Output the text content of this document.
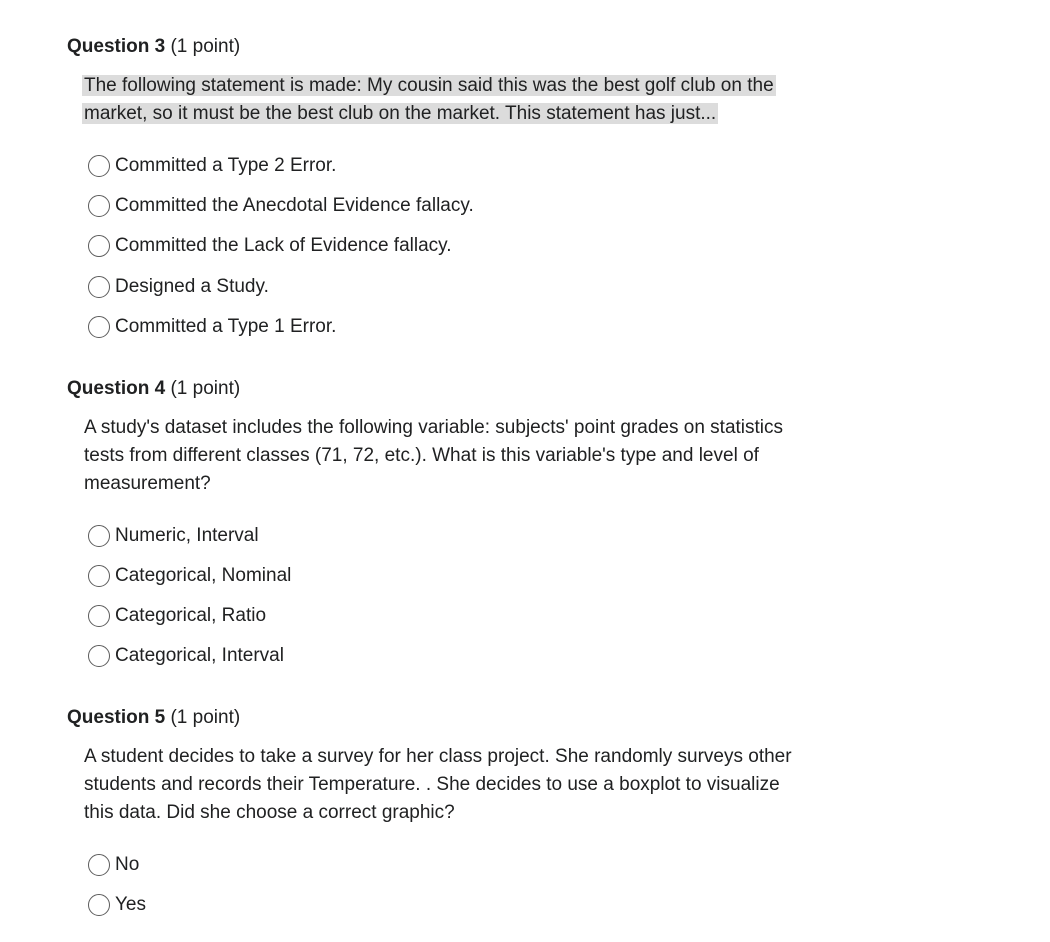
Question 3 (1 point)

The following statement is made: My cousin said this was the best golf club on the market, so it must be the best club on the market. This statement has just...

Committed a Type 2 Error.
Committed the Anecdotal Evidence fallacy.
Committed the Lack of Evidence fallacy.
Designed a Study.
Committed a Type 1 Error.
Question 4 (1 point)

A study's dataset includes the following variable: subjects' point grades on statistics tests from different classes (71, 72, etc.). What is this variable's type and level of measurement?

Numeric, Interval
Categorical, Nominal
Categorical, Ratio
Categorical, Interval
Question 5 (1 point)

A student decides to take a survey for her class project. She randomly surveys other students and records their Temperature. . She decides to use a boxplot to visualize this data. Did she choose a correct graphic?

No
Yes
